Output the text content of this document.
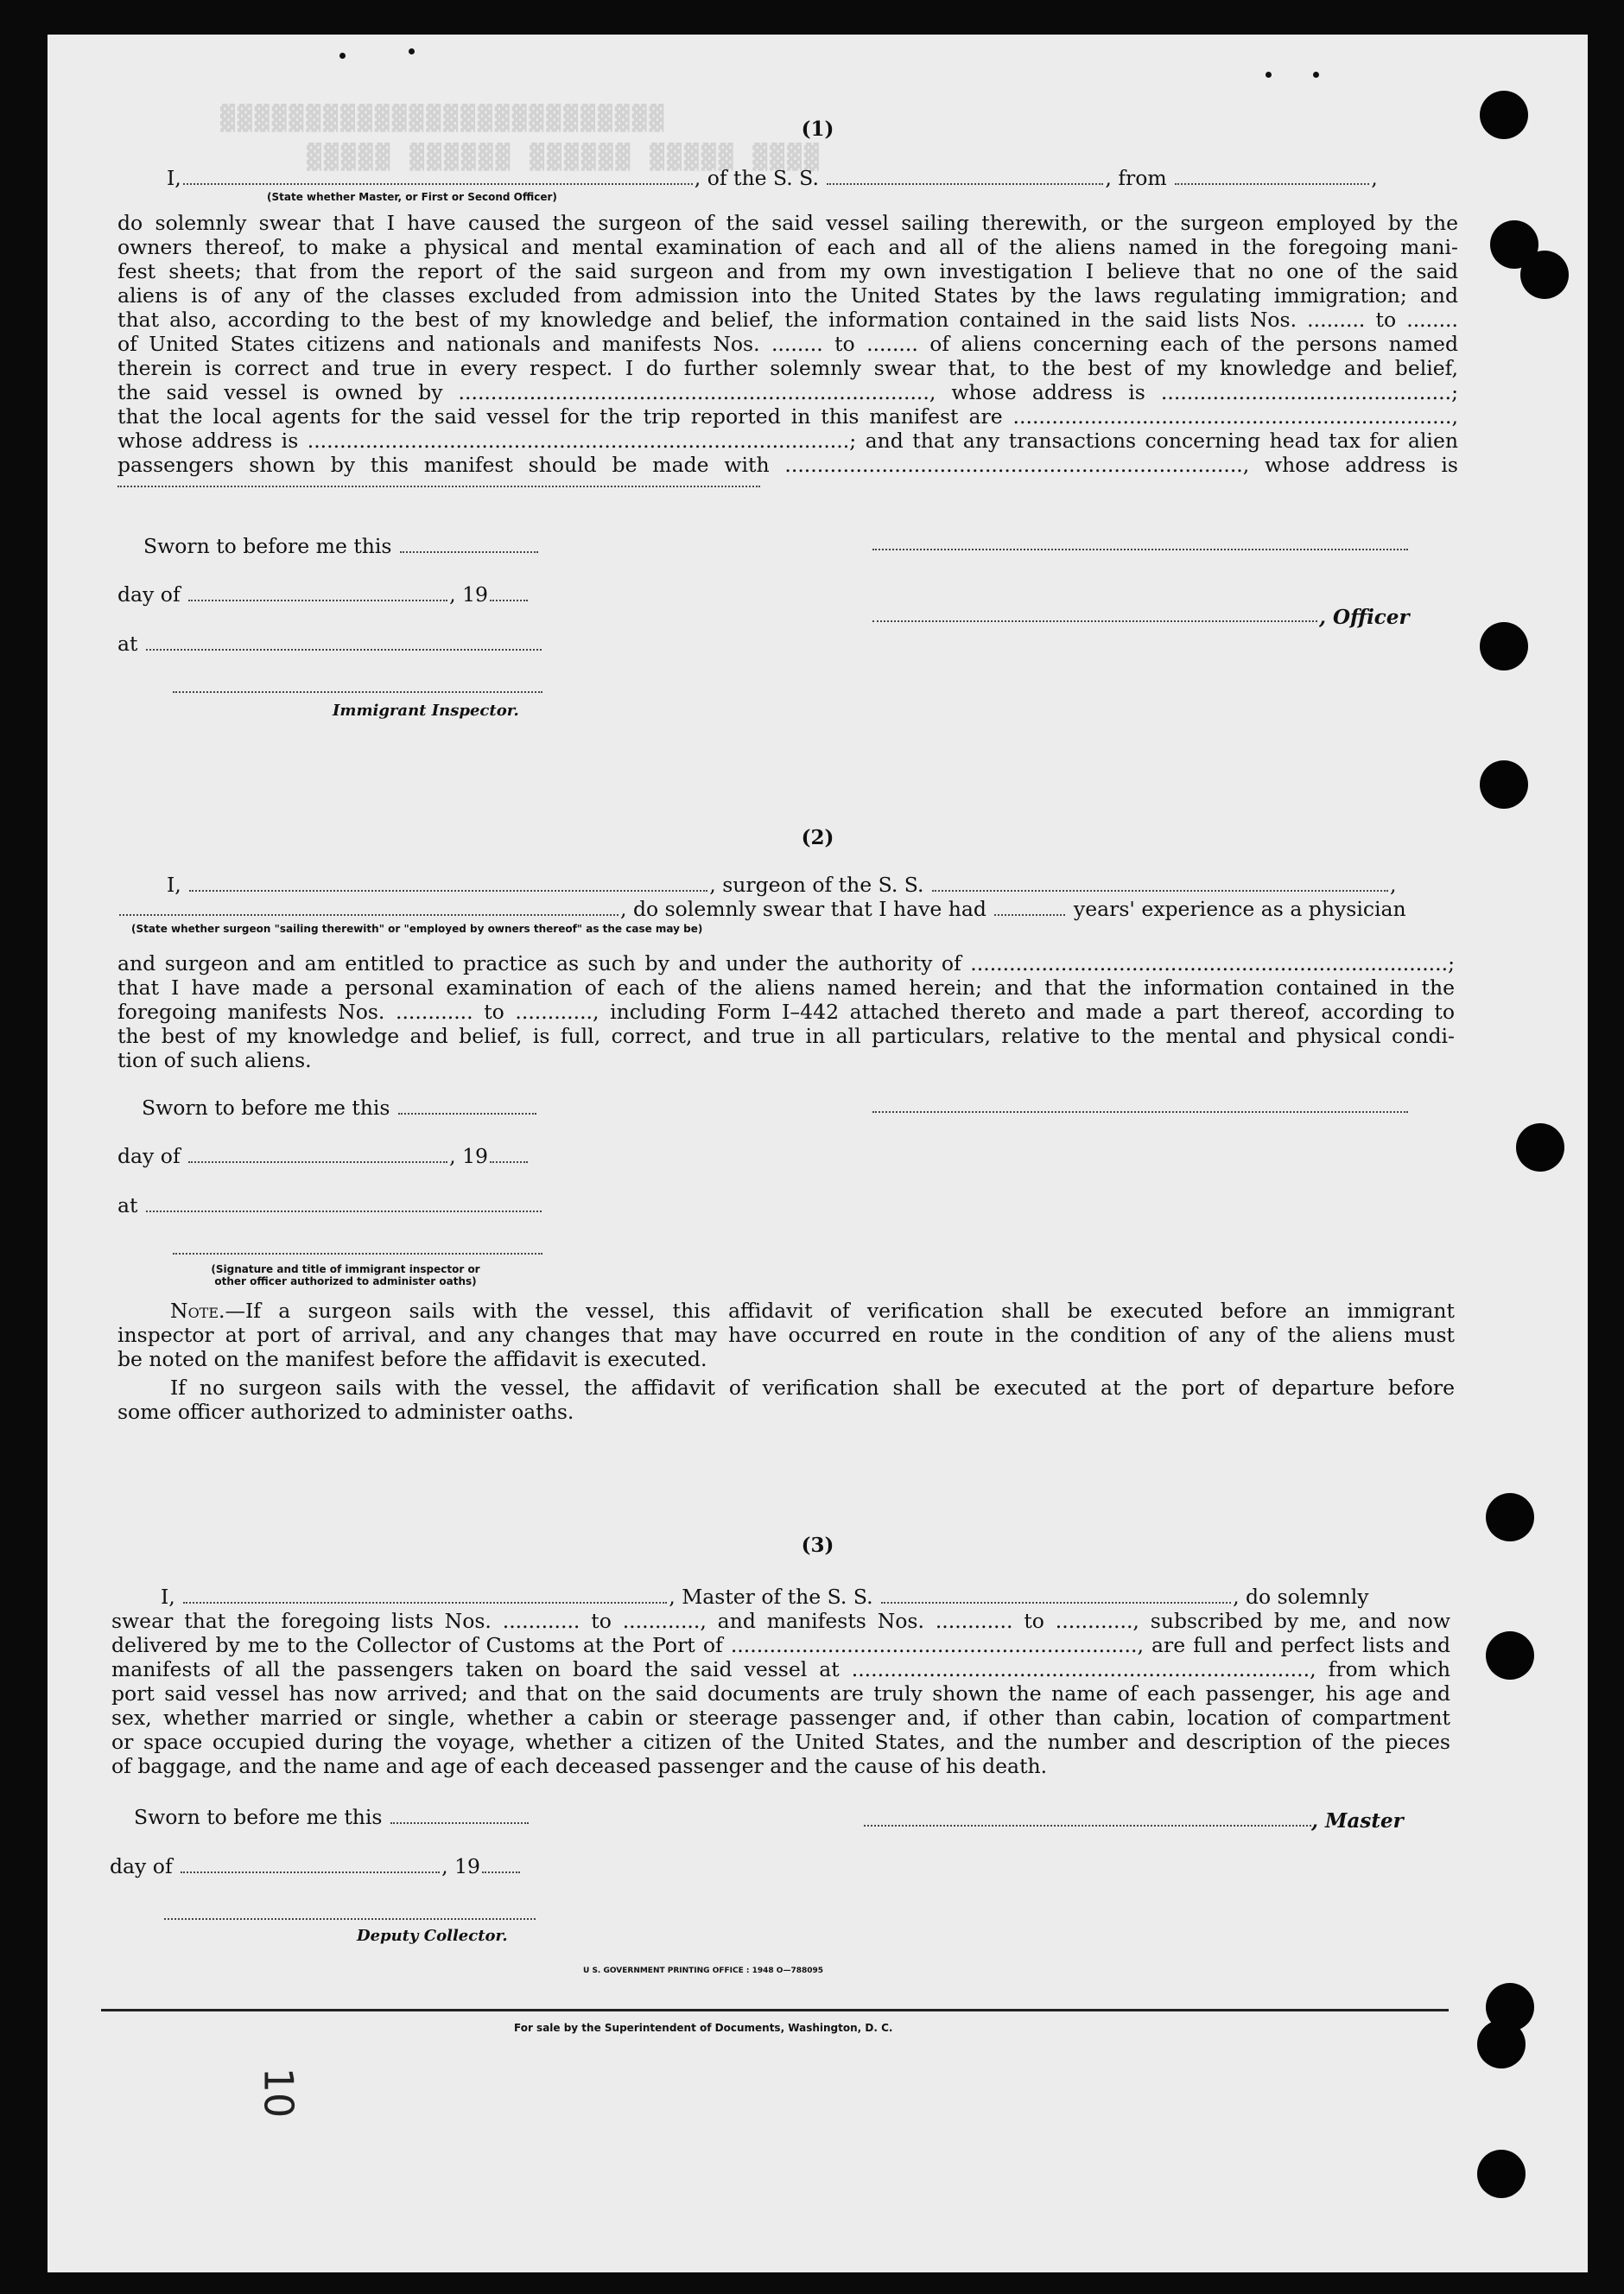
▓▓▓▓▓▓▓▓▓▓▓▓▓▓▓▓▓▓▓▓▓▓▓▓▓▓
▓▓▓▓▓ ▓▓▓▓▓▓ ▓▓▓▓▓▓ ▓▓▓▓▓ ▓▓▓▓
(1)
I,	, of the S. S.	, from	,
(State whether Master, or First or Second Officer)
do solemnly swear that I have caused the surgeon of the said vessel sailing therewith, or the surgeon employed by the
owners thereof, to make a physical and mental examination of each and all of the aliens named in the foregoing mani-
fest sheets; that from the report of the said surgeon and from my own investigation I believe that no one of the said
aliens is of any of the classes excluded from admission into the United States by the laws regulating immigration; and
that also, according to the best of my knowledge and belief, the information contained in the said lists Nos. ......... to ........
of United States citizens and nationals and manifests Nos. ........ to ........ of aliens concerning each of the persons named
therein is correct and true in every respect. I do further solemnly swear that, to the best of my knowledge and belief,
the said vessel is owned by ........................................................................., whose address is .............................................;
that the local agents for the said vessel for the trip reported in this manifest are ....................................................................,
whose address is ....................................................................................; and that any transactions concerning head tax for alien
passengers shown by this manifest should be made with ......................................................................., whose address is
Sworn to before me this
day of	, 19
, Officer
at
Immigrant Inspector.
(2)
I,	, surgeon of the S. S.	,
, do solemnly swear that I have had	years' experience as a physician
(State whether surgeon "sailing therewith" or "employed by owners thereof" as the case may be)
and surgeon and am entitled to practice as such by and under the authority of ..........................................................................;
that I have made a personal examination of each of the aliens named herein; and that the information contained in the
foregoing manifests Nos. ............ to ............, including Form I–442 attached thereto and made a part thereof, according to
the best of my knowledge and belief, is full, correct, and true in all particulars, relative to the mental and physical condi-
tion of such aliens.
Sworn to before me this
day of	, 19
at
(Signature and title of immigrant inspector or
other officer authorized to administer oaths)
Note.—If a surgeon sails with the vessel, this affidavit of verification shall be executed before an immigrant
inspector at port of arrival, and any changes that may have occurred en route in the condition of any of the aliens must
be noted on the manifest before the affidavit is executed.
If no surgeon sails with the vessel, the affidavit of verification shall be executed at the port of departure before
some officer authorized to administer oaths.
(3)
I,	, Master of the S. S.	, do solemnly
swear that the foregoing lists Nos. ............ to ............, and manifests Nos. ............ to ............, subscribed by me, and now
delivered by me to the Collector of Customs at the Port of ..............................................................., are full and perfect lists and
manifests of all the passengers taken on board the said vessel at ......................................................................., from which
port said vessel has now arrived; and that on the said documents are truly shown the name of each passenger, his age and
sex, whether married or single, whether a cabin or steerage passenger and, if other than cabin, location of compartment
or space occupied during the voyage, whether a citizen of the United States, and the number and description of the pieces
of baggage, and the name and age of each deceased passenger and the cause of his death.
Sworn to before me this	, Master
day of	, 19
Deputy Collector.
U S. GOVERNMENT PRINTING OFFICE : 1948 O—788095
For sale by the Superintendent of Documents, Washington, D. C.
10
